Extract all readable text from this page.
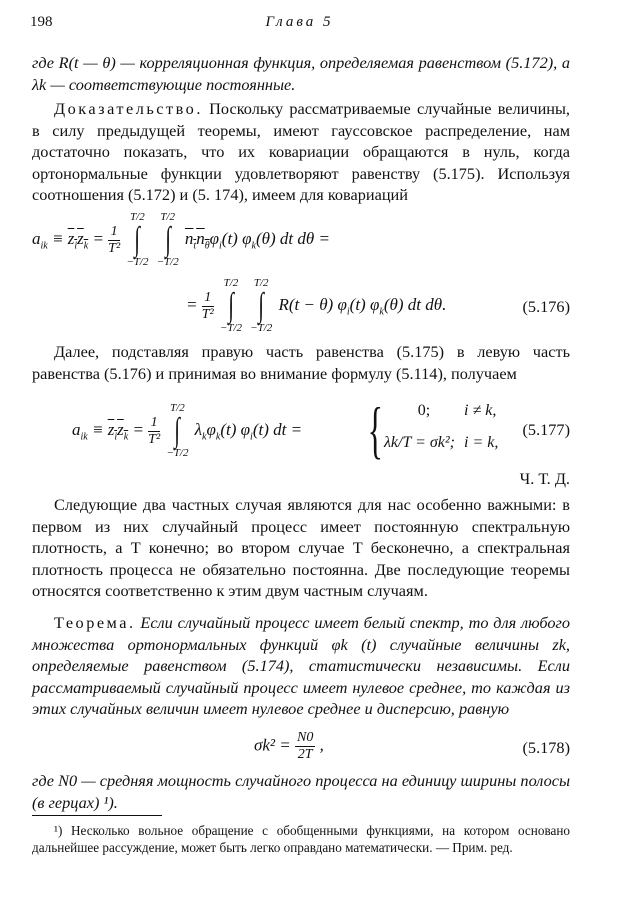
198	Глава 5
где R(t — θ) — корреляционная функция, определяемая равенством (5.172), а λk — соответствующие постоянные.
Доказательство. Поскольку рассматриваемые случайные величины, в силу предыдущей теоремы, имеют гауссовское распределение, нам достаточно показать, что их ковариации обращаются в нуль, когда ортонормальные функции удовлетворяют равенству (5.175). Используя соотношения (5.172) и (5. 174), имеем для ковариаций
$a_{ik} \equiv z_iz_k = \frac{1}{\text{T²}}$

T/2
∫
−T/2

T/2
∫
−T/2
$n_tn_\theta\varphi_i(t)$ $\varphi_k(\theta)$ dt dθ =
= $\frac{1}{\text{T²}}$

T/2
∫
−T/2

T/2
∫
−T/2
R(t − θ) $\varphi_i(t)$ $\varphi_k(\theta)$ dt dθ.	(5.176)
Далее, подставляя правую часть равенства (5.175) в левую часть равенства (5.176) и принимая во внимание формулу (5.114), получаем
$a_{ik} \equiv z_iz_k = \frac{1}{\text{T²}}$

T/2
∫
−T/2
$\lambda_k\varphi_k(t)$ $\varphi_i(t)$ dt = {	0; i ≠ k,
λk/T = σk²; i = k,
(5.177)
Ч. Т. Д.
Следующие два частных случая являются для нас особенно важными: в первом из них случайный процесс имеет постоянную спектральную плотность, а T конечно; во втором случае T бесконечно, а спектральная плотность процесса не обязательно постоянна. Две последующие теоремы относятся соответственно к этим двум частным случаям.
Теорема. Если случайный процесс имеет белый спектр, то для любого множества ортонормальных функций φk (t) случайные величины zk, определяемые равенством (5.174), статистически независимы. Если рассматриваемый случайный процесс имеет нулевое среднее, то каждая из этих случайных величин имеет нулевое среднее и дисперсию, равную
$\sigma k^2 = \frac{N0}{2T}$ ,	(5.178)
где N0 — средняя мощность случайного процесса на единицу ширины полосы (в герцах) ¹).
¹) Несколько вольное обращение с обобщенными функциями, на котором основано дальнейшее рассуждение, может быть легко оправдано математически. — Прим. ред.
